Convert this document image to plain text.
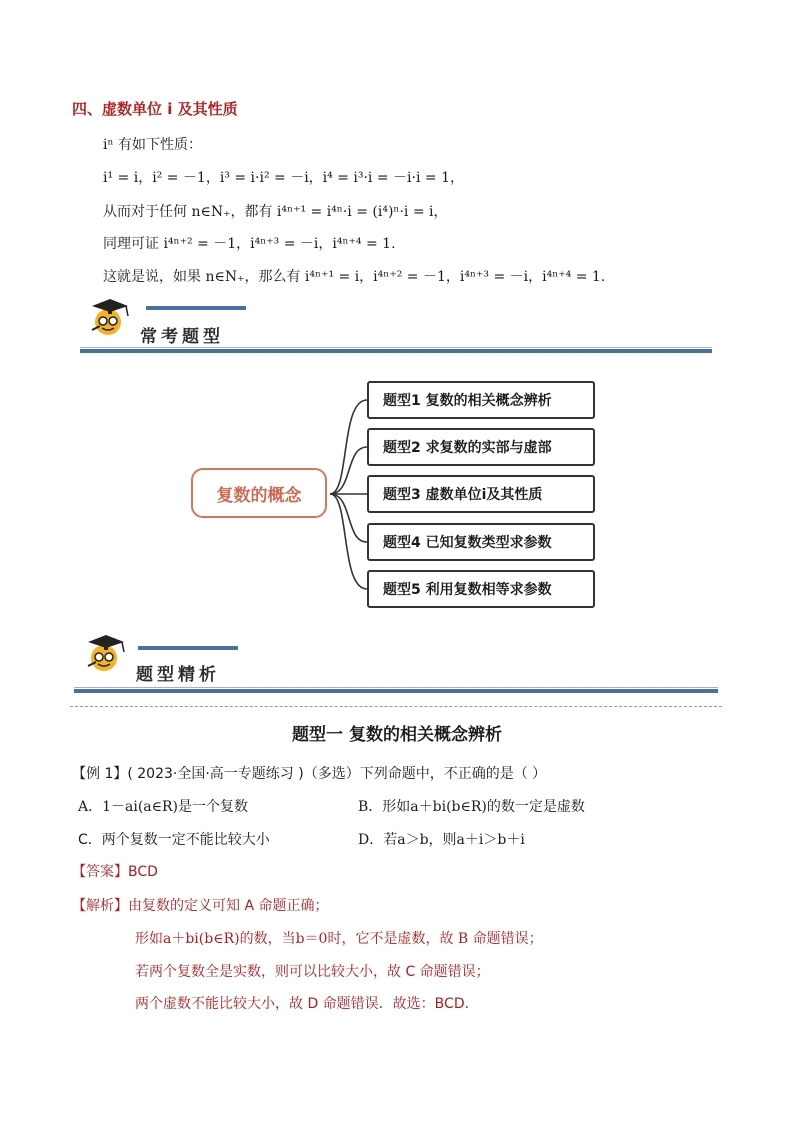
四、虚数单位 i 及其性质
iⁿ 有如下性质：
i¹ = i，i² = －1，i³ = i·i² = －i，i⁴ = i³·i = －i·i = 1，
从而对于任何 n∈N₊，都有 i⁴ⁿ⁺¹ = i⁴ⁿ·i = (i⁴)ⁿ·i = i，
同理可证 i⁴ⁿ⁺² = －1，i⁴ⁿ⁺³ = －i，i⁴ⁿ⁺⁴ = 1.
这就是说，如果 n∈N₊，那么有 i⁴ⁿ⁺¹ = i，i⁴ⁿ⁺² = －1，i⁴ⁿ⁺³ = －i，i⁴ⁿ⁺⁴ = 1.
常考题型
复数的概念
题型1 复数的相关概念辨析
题型2 求复数的实部与虚部
题型3 虚数单位i及其性质
题型4 已知复数类型求参数
题型5 利用复数相等求参数
题型精析
题型一 复数的相关概念辨析
【例 1】( 2023·全国·高一专题练习 )（多选）下列命题中，不正确的是（ ）
A．1－ai(a∈R)是一个复数	B．形如a＋bi(b∈R)的数一定是虚数
C．两个复数一定不能比较大小	D．若a＞b，则a＋i＞b＋i
【答案】BCD
【解析】由复数的定义可知 A 命题正确；
形如a＋bi(b∈R)的数，当b＝0时，它不是虚数，故 B 命题错误；
若两个复数全是实数，则可以比较大小，故 C 命题错误；
两个虚数不能比较大小，故 D 命题错误．故选：BCD．
